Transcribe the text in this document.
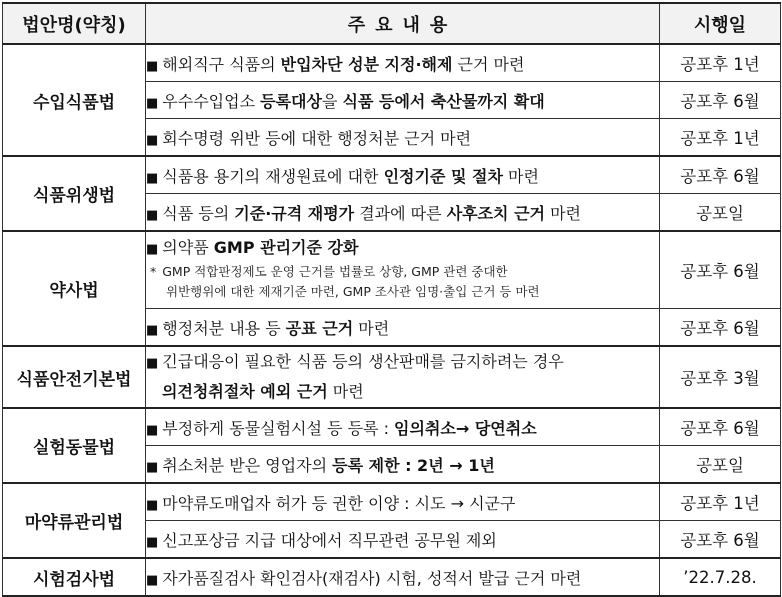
법안명(약칭)	주요내용	시행일
수입식품법	■ 해외직구 식품의 반입차단 성분 지정·해제 근거 마련	공포후 1년
	■ 우수수입업소 등록대상을 식품 등에서 축산물까지 확대	공포후 6월
	■ 회수명령 위반 등에 대한 행정처분 근거 마련	공포후 1년
식품위생법	■ 식품용 용기의 재생원료에 대한 인정기준 및 절차 마련	공포후 6월
	■ 식품 등의 기준·규격 재평가 결과에 따른 사후조치 근거 마련	공포일
약사법	■ 의약품 GMP 관리기준 강화
* GMP 적합판정제도 운영 근거를 법률로 상향, GMP 관련 중대한
위반행위에 대한 제재기준 마련, GMP 조사관 임명·출입 근거 등 마련	공포후 6월
	■ 행정처분 내용 등 공표 근거 마련	공포후 6월
식품안전기본법	■ 긴급대응이 필요한 식품 등의 생산판매를 금지하려는 경우
의견청취절차 예외 근거 마련	공포후 3월
실험동물법	■ 부정하게 동물실험시설 등 등록 : 임의취소→ 당연취소	공포후 6월
	■ 취소처분 받은 영업자의 등록 제한 : 2년 → 1년	공포일
마약류관리법	■ 마약류도매업자 허가 등 권한 이양 : 시도 → 시군구	공포후 1년
	■ 신고포상금 지급 대상에서 직무관련 공무원 제외	공포후 6월
시험검사법	■ 자가품질검사 확인검사(재검사) 시험, 성적서 발급 근거 마련	’22.7.28.
